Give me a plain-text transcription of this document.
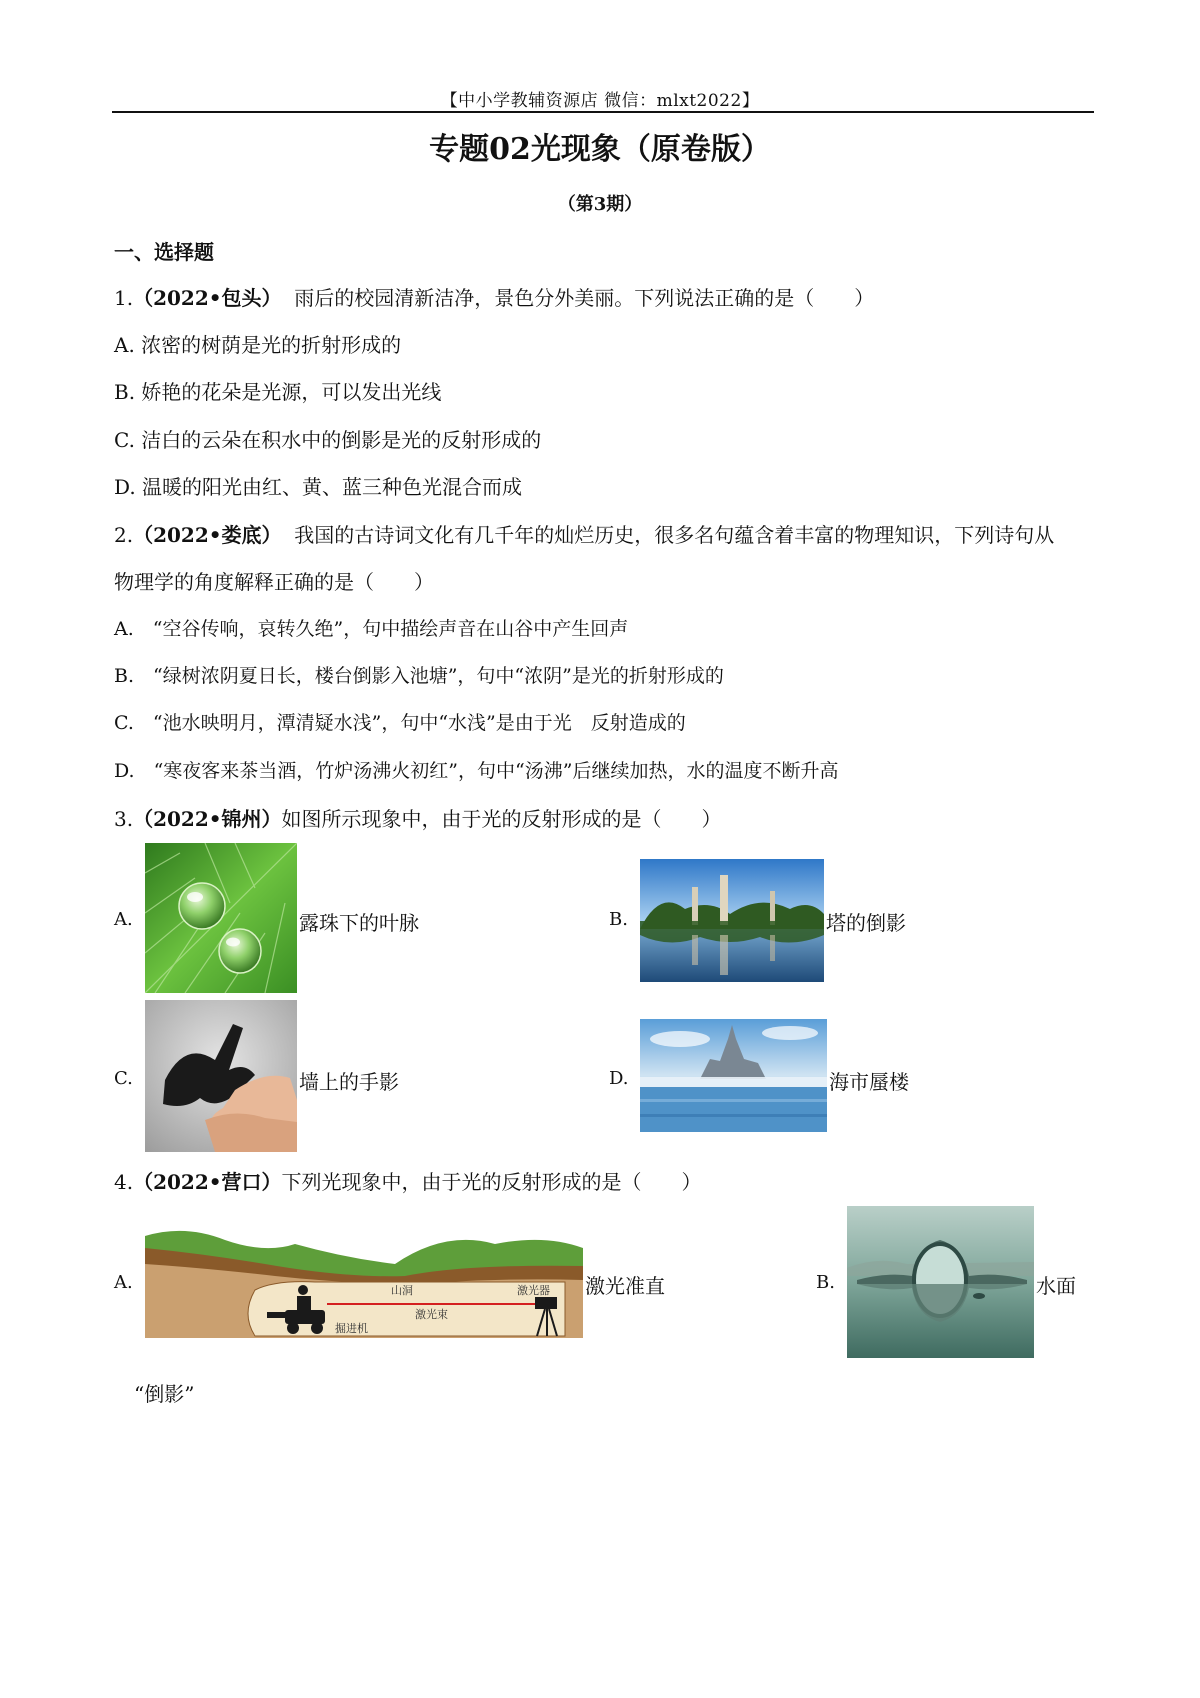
【中小学教辅资源店 微信：mlxt2022】
专题02光现象（原卷版）
（第3期）
一、选择题
1.（2022•包头） 雨后的校园清新洁净，景色分外美丽。下列说法正确的是（　　）
A. 浓密的树荫是光的折射形成的
B. 娇艳的花朵是光源，可以发出光线
C. 洁白的云朵在积水中的倒影是光的反射形成的
D. 温暖的阳光由红、黄、蓝三种色光混合而成
2.（2022•娄底） 我国的古诗词文化有几千年的灿烂历史，很多名句蕴含着丰富的物理知识，下列诗句从
物理学的角度解释正确的是（　　）
A.　“空谷传响，哀转久绝”，句中描绘声音在山谷中产生回声
B.　“绿树浓阴夏日长，楼台倒影入池塘”，句中“浓阴”是光的折射形成的
C.　“池水映明月，潭清疑水浅”，句中“水浅”是由于光　反射造成的
D.　“寒夜客来茶当酒，竹炉汤沸火初红”，句中“汤沸”后继续加热，水的温度不断升高
3.（2022•锦州）如图所示现象中，由于光的反射形成的是（　　）
A.	露珠下的叶脉	B.	塔的倒影
C.	墙上的手影	D.	海市蜃楼
4.（2022•营口）下列光现象中，由于光的反射形成的是（　　）
A.	山洞	激光器
激光束
掘进机
激光准直	B.	水面
“倒影”
